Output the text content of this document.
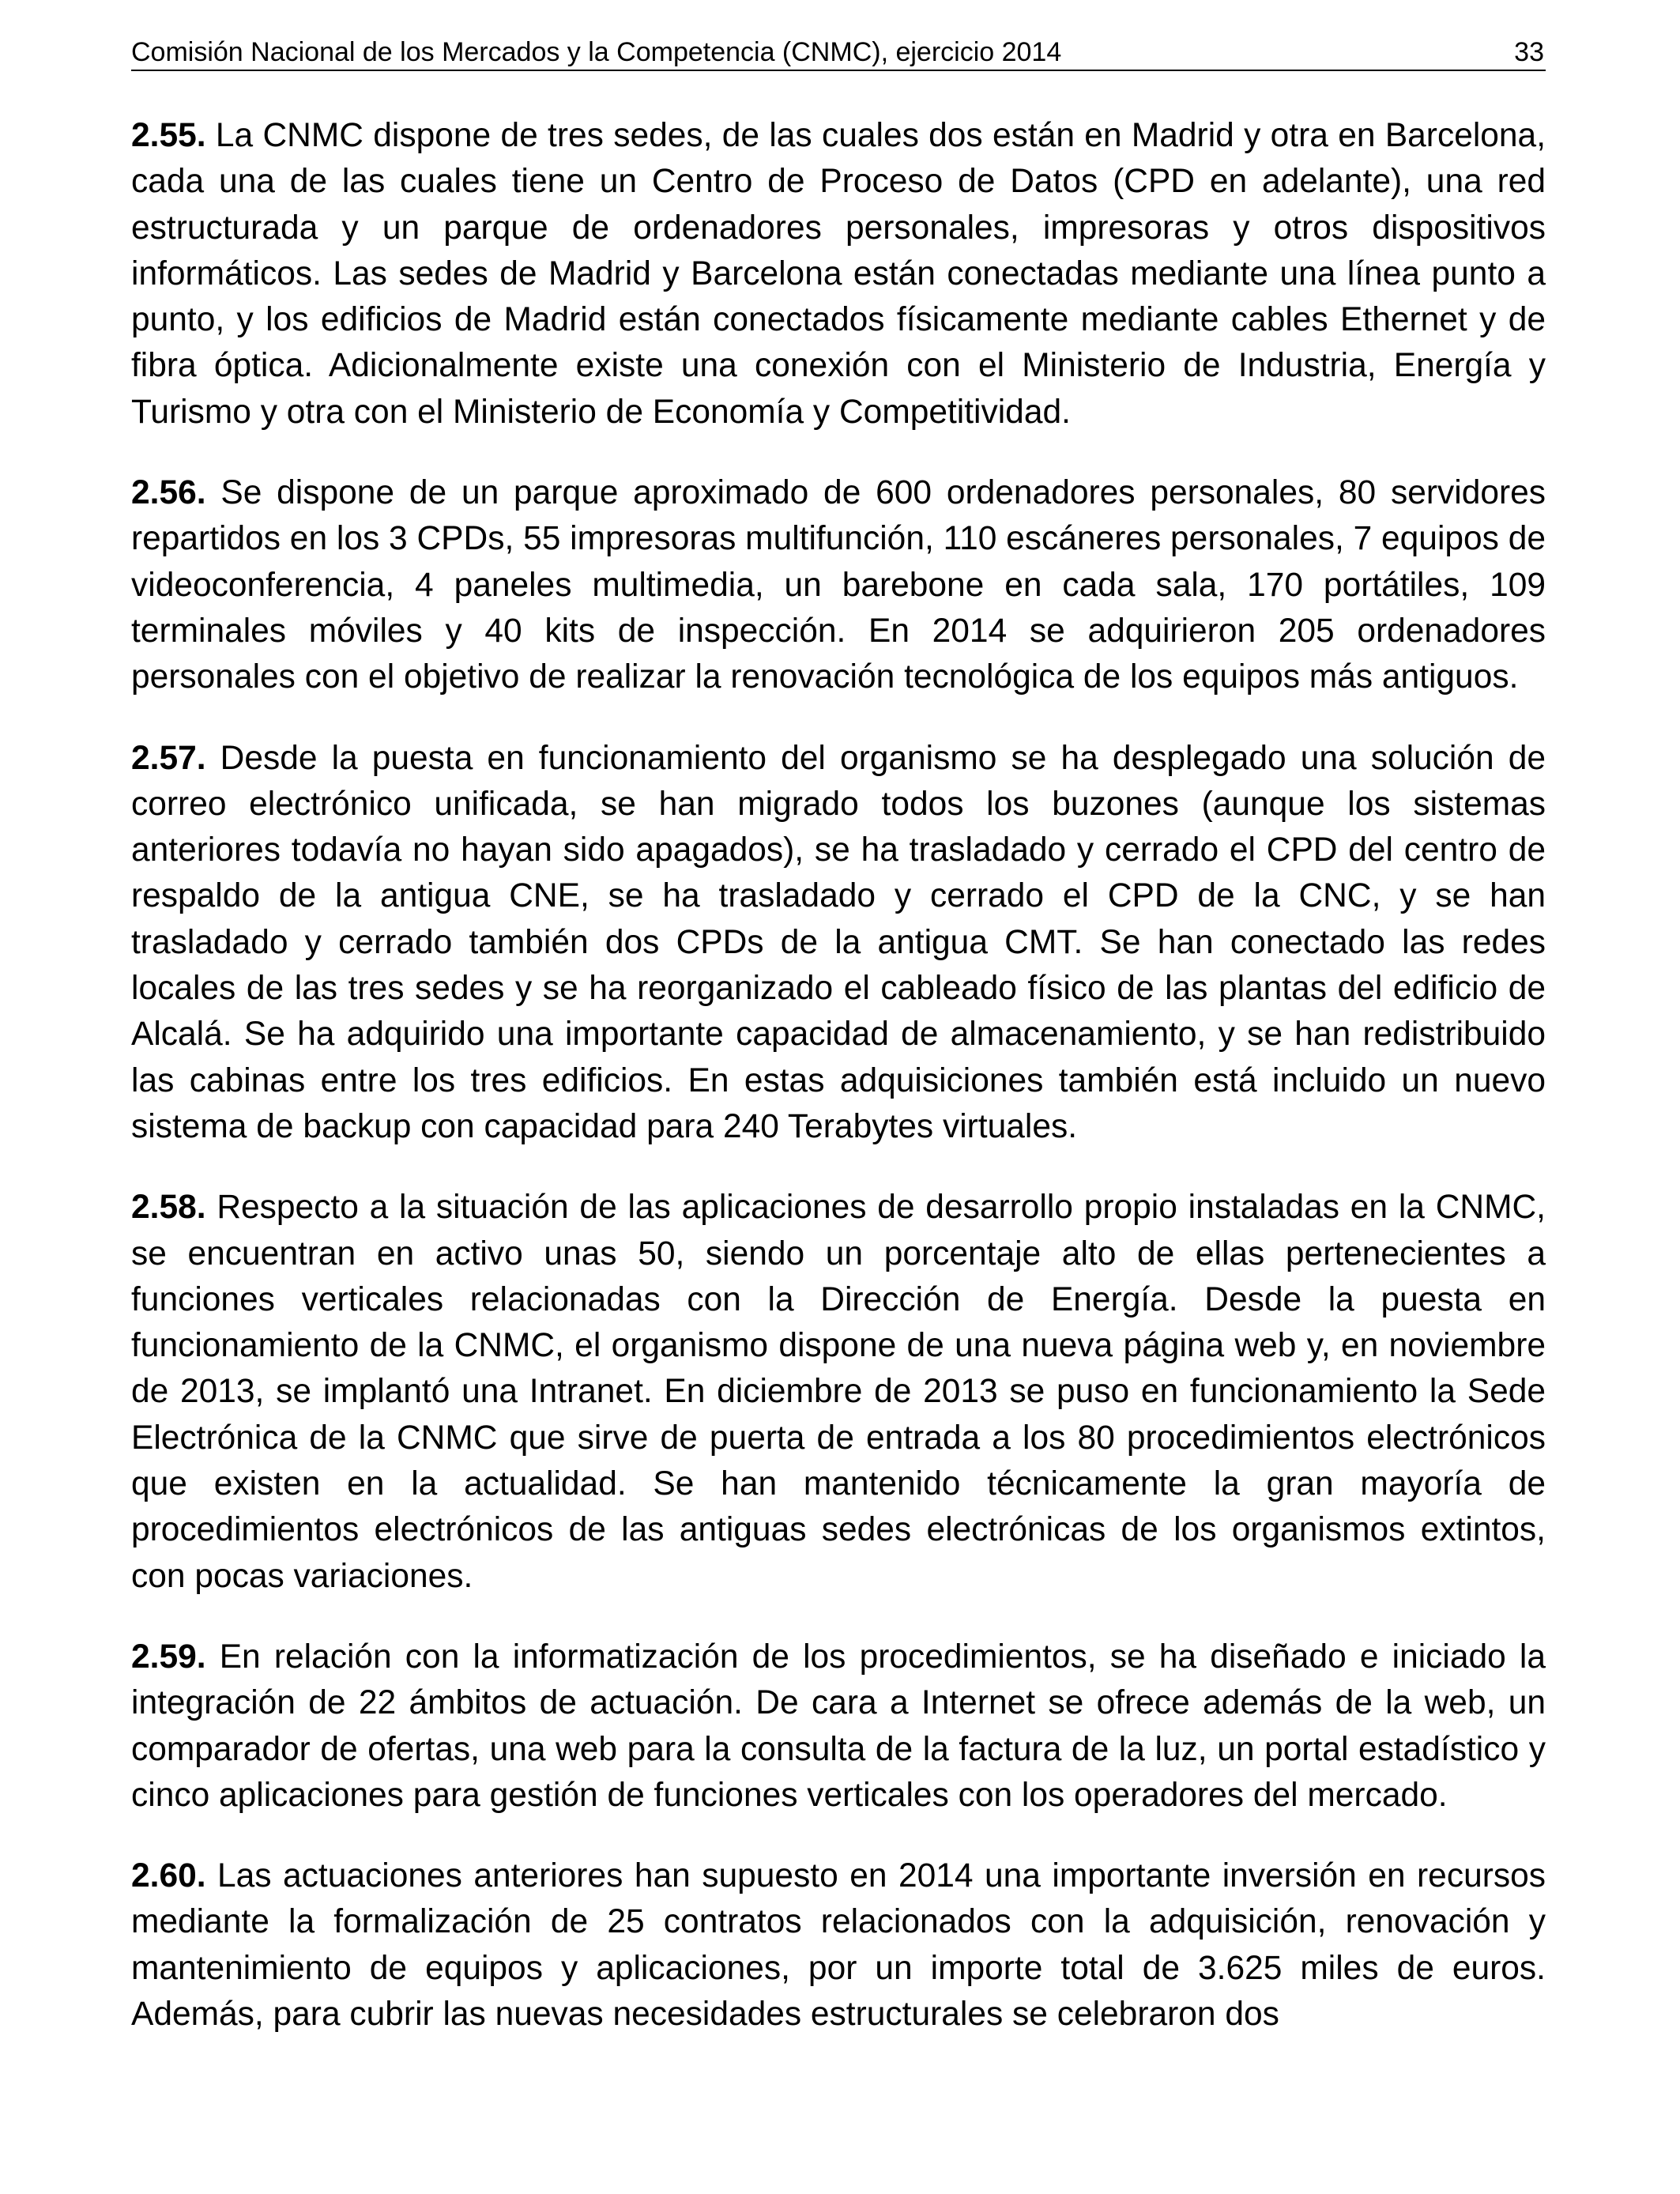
Comisión Nacional de los Mercados y la Competencia (CNMC), ejercicio 2014	33

2.55. La CNMC dispone de tres sedes, de las cuales dos están en Madrid y otra en Barcelona, cada una de las cuales tiene un Centro de Proceso de Datos (CPD en adelante), una red estructurada y un parque de ordenadores personales, impresoras y otros dispositivos informáticos. Las sedes de Madrid y Barcelona están conectadas mediante una línea punto a punto, y los edificios de Madrid están conectados físicamente mediante cables Ethernet y de fibra óptica. Adicionalmente existe una conexión con el Ministerio de Industria, Energía y Turismo y otra con el Ministerio de Economía y Competitividad.

2.56. Se dispone de un parque aproximado de 600 ordenadores personales, 80 servidores repartidos en los 3 CPDs, 55 impresoras multifunción, 110 escáneres personales, 7 equipos de videoconferencia, 4 paneles multimedia, un barebone en cada sala, 170 portátiles, 109 terminales móviles y 40 kits de inspección. En 2014 se adquirieron 205 ordenadores personales con el objetivo de realizar la renovación tecnológica de los equipos más antiguos.

2.57. Desde la puesta en funcionamiento del organismo se ha desplegado una solución de correo electrónico unificada, se han migrado todos los buzones (aunque los sistemas anteriores todavía no hayan sido apagados), se ha trasladado y cerrado el CPD del centro de respaldo de la antigua CNE, se ha trasladado y cerrado el CPD de la CNC, y se han trasladado y cerrado también dos CPDs de la antigua CMT. Se han conectado las redes locales de las tres sedes y se ha reorganizado el cableado físico de las plantas del edificio de Alcalá. Se ha adquirido una importante capacidad de almacenamiento, y se han redistribuido las cabinas entre los tres edificios. En estas adquisiciones también está incluido un nuevo sistema de backup con capacidad para 240 Terabytes virtuales.

2.58. Respecto a la situación de las aplicaciones de desarrollo propio instaladas en la CNMC, se encuentran en activo unas 50, siendo un porcentaje alto de ellas pertenecientes a funciones verticales relacionadas con la Dirección de Energía. Desde la puesta en funcionamiento de la CNMC, el organismo dispone de una nueva página web y, en noviembre de 2013, se implantó una Intranet. En diciembre de 2013 se puso en funcionamiento la Sede Electrónica de la CNMC que sirve de puerta de entrada a los 80 procedimientos electrónicos que existen en la actualidad. Se han mantenido técnicamente la gran mayoría de procedimientos electrónicos de las antiguas sedes electrónicas de los organismos extintos, con pocas variaciones.

2.59. En relación con la informatización de los procedimientos, se ha diseñado e iniciado la integración de 22 ámbitos de actuación. De cara a Internet se ofrece además de la web, un comparador de ofertas, una web para la consulta de la factura de la luz, un portal estadístico y cinco aplicaciones para gestión de funciones verticales con los operadores del mercado.

2.60. Las actuaciones anteriores han supuesto en 2014 una importante inversión en recursos mediante la formalización de 25 contratos relacionados con la adquisición, renovación y mantenimiento de equipos y aplicaciones, por un importe total de 3.625 miles de euros. Además, para cubrir las nuevas necesidades estructurales se celebraron dos
